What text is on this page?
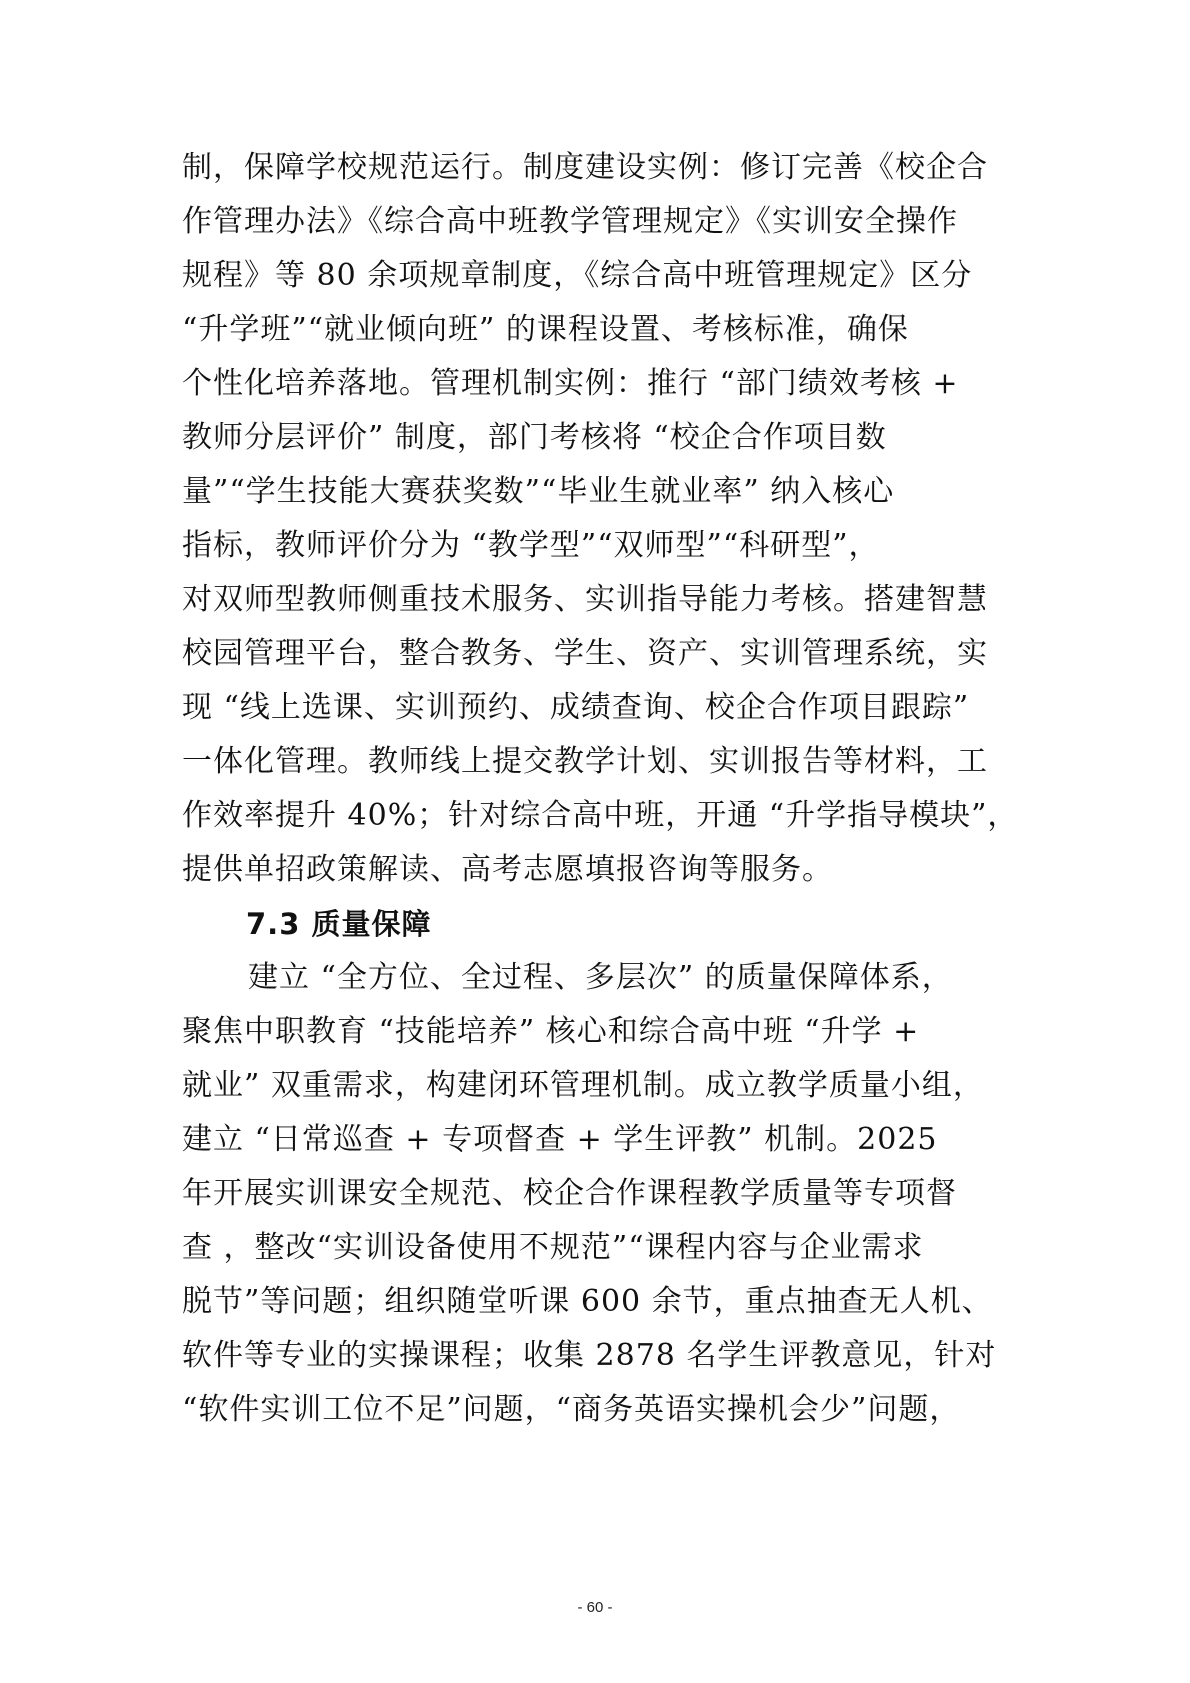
制，保障学校规范运行。制度建设实例：修订完善《校企合
作管理办法》《综合高中班教学管理规定》《实训安全操作
规程》等 80 余项规章制度，《综合高中班管理规定》区分
“升学班”“就业倾向班” 的课程设置、考核标准，确保
个性化培养落地。管理机制实例：推行 “部门绩效考核 +
教师分层评价” 制度，部门考核将 “校企合作项目数
量”“学生技能大赛获奖数”“毕业生就业率” 纳入核心
指标，教师评价分为 “教学型”“双师型”“科研型”，
对双师型教师侧重技术服务、实训指导能力考核。搭建智慧
校园管理平台，整合教务、学生、资产、实训管理系统，实
现 “线上选课、实训预约、成绩查询、校企合作项目跟踪”
一体化管理。教师线上提交教学计划、实训报告等材料，工
作效率提升 40%；针对综合高中班，开通 “升学指导模块”，
提供单招政策解读、高考志愿填报咨询等服务。
7.3 质量保障
建立 “全方位、全过程、多层次” 的质量保障体系，
聚焦中职教育 “技能培养” 核心和综合高中班 “升学 +
就业” 双重需求，构建闭环管理机制。成立教学质量小组，
建立 “日常巡查 + 专项督查 + 学生评教” 机制。2025
年开展实训课安全规范、校企合作课程教学质量等专项督
查 ，整改“实训设备使用不规范”“课程内容与企业需求
脱节”等问题；组织随堂听课 600 余节，重点抽查无人机、
软件等专业的实操课程；收集 2878 名学生评教意见，针对
“软件实训工位不足”问题，“商务英语实操机会少”问题，
- 60 -
